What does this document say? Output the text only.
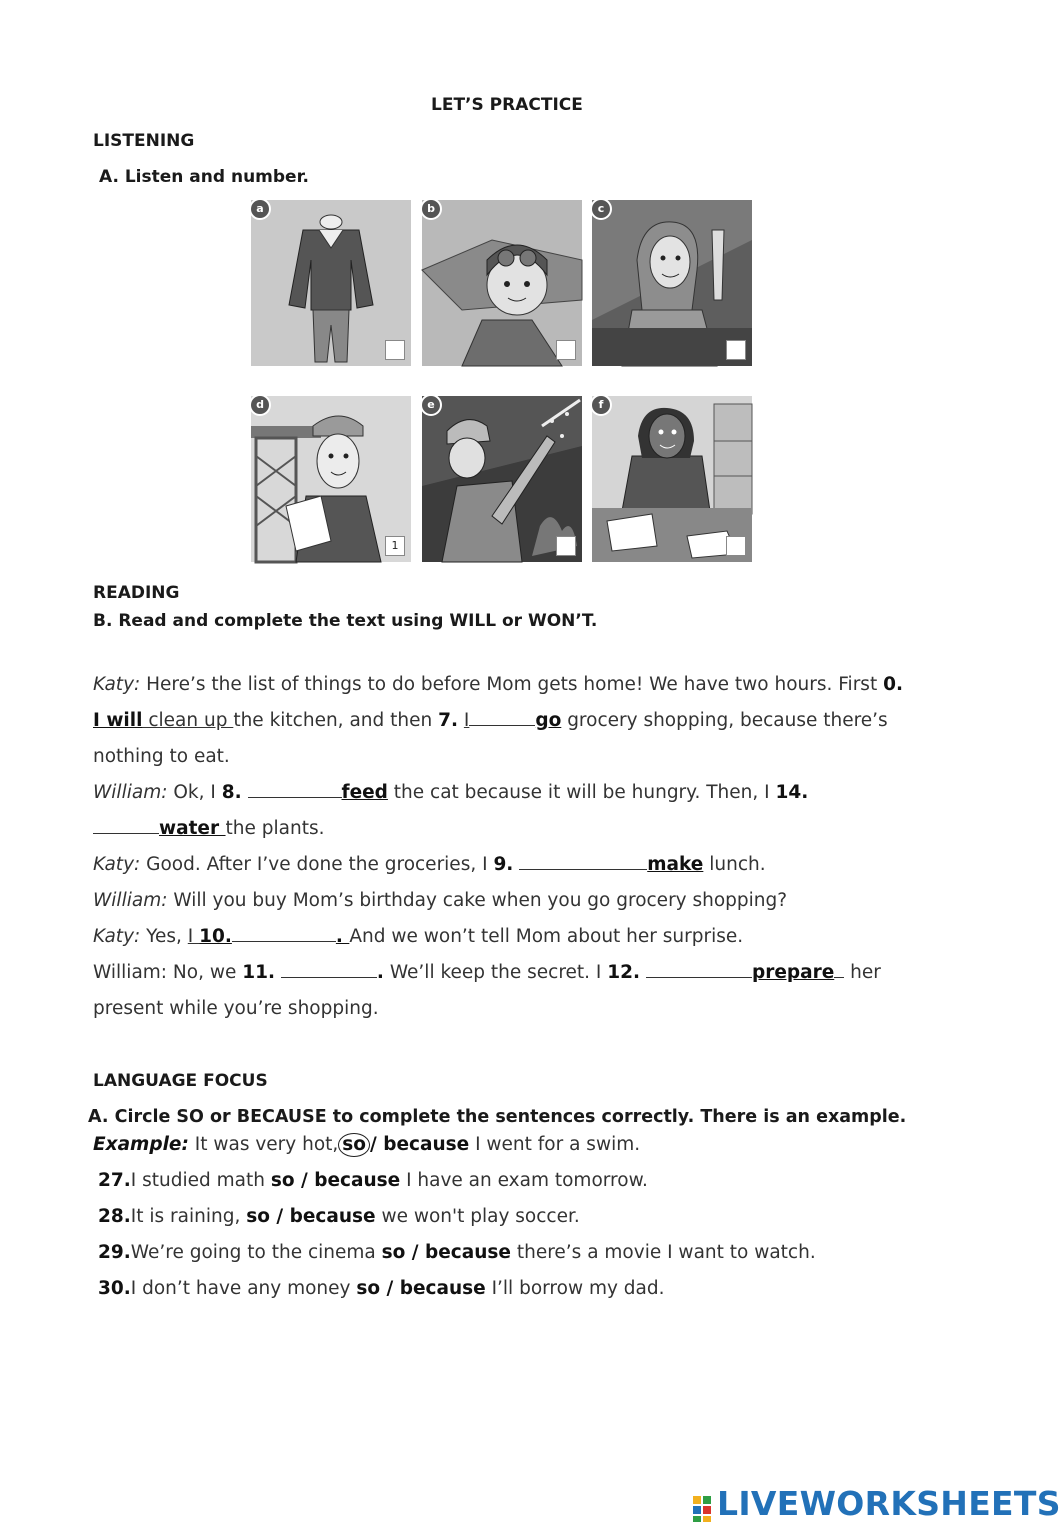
LET’S PRACTICE
LISTENING
A. Listen and number.
a	b	c
d
1
e	f
READING
B. Read and complete the text using WILL or WON’T.
Katy: Here’s the list of things to do before Mom gets home! We have two hours. First 0.
I will clean up the kitchen, and then 7. I	go grocery shopping, because there’s
nothing to eat.
William: Ok, I 8.	feed the cat because it will be hungry. Then, I 14.
water the plants.
Katy: Good. After I’ve done the groceries, I 9.	make lunch.
William: Will you buy Mom’s birthday cake when you go grocery shopping?
Katy: Yes, I 10.	. And we won’t tell Mom about her surprise.
William: No, we 11.	. We’ll keep the secret. I 12.	prepare her
present while you’re shopping.
LANGUAGE FOCUS
A. Circle SO or BECAUSE to complete the sentences correctly. There is an example.
Example: It was very hot, so / because I went for a swim.
27.I studied math so / because I have an exam tomorrow.
28.It is raining, so / because we won't play soccer.
29.We’re going to the cinema so / because there’s a movie I want to watch.
30.I don’t have any money so / because I’ll borrow my dad.
LIVEWORKSHEETS
